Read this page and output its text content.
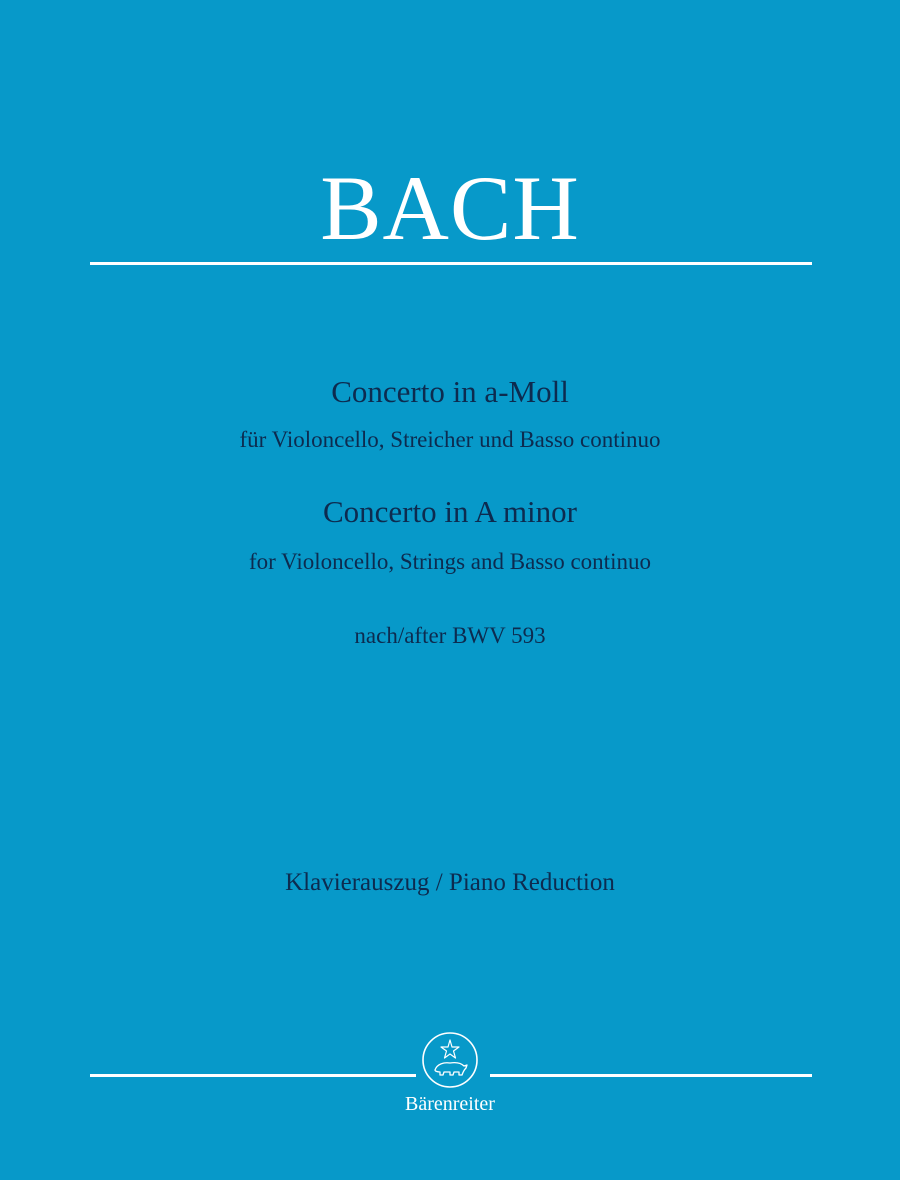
BACH
Concerto in a-Moll
für Violoncello, Streicher und Basso continuo
Concerto in A minor
for Violoncello, Strings and Basso continuo
nach/after BWV 593
Klavierauszug / Piano Reduction
Bärenreiter
